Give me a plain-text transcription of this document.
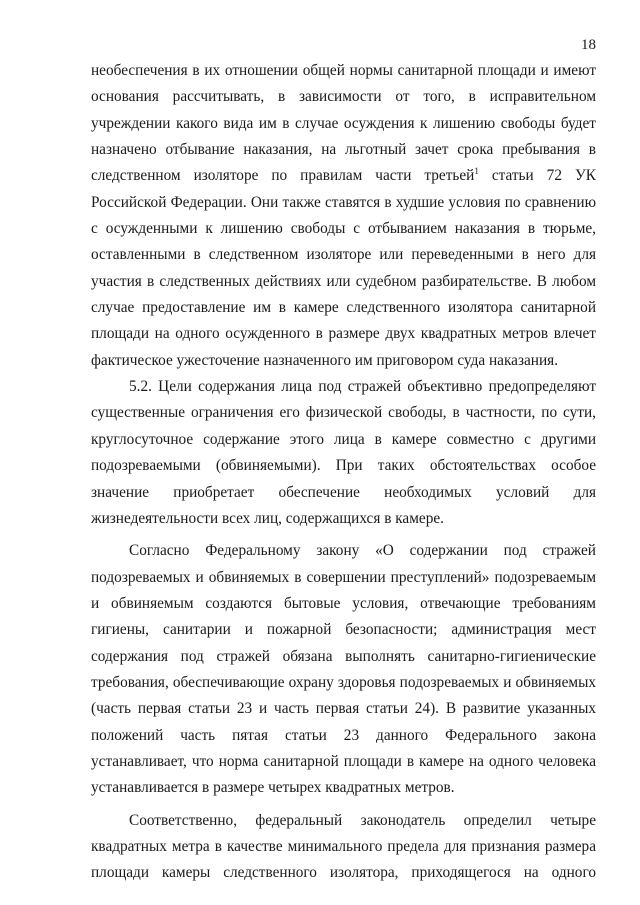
18

необеспечения в их отношении общей нормы санитарной площади и имеют основания рассчитывать, в зависимости от того, в исправительном учреждении какого вида им в случае осуждения к лишению свободы будет назначено отбывание наказания, на льготный зачет срока пребывания в следственном изоляторе по правилам части третьей$^1$ статьи 72 УК Российской Федерации. Они также ставятся в худшие условия по сравнению с осужденными к лишению свободы с отбыванием наказания в тюрьме, оставленными в следственном изоляторе или переведенными в него для участия в следственных действиях или судебном разбирательстве. В любом случае предоставление им в камере следственного изолятора санитарной площади на одного осужденного в размере двух квадратных метров влечет фактическое ужесточение назначенного им приговором суда наказания.

5.2. Цели содержания лица под стражей объективно предопределяют существенные ограничения его физической свободы, в частности, по сути, круглосуточное содержание этого лица в камере совместно с другими подозреваемыми (обвиняемыми). При таких обстоятельствах особое значение приобретает обеспечение необходимых условий для жизнедеятельности всех лиц, содержащихся в камере.

Согласно Федеральному закону «О содержании под стражей подозреваемых и обвиняемых в совершении преступлений» подозреваемым и обвиняемым создаются бытовые условия, отвечающие требованиям гигиены, санитарии и пожарной безопасности; администрация мест содержания под стражей обязана выполнять санитарно-гигиенические требования, обеспечивающие охрану здоровья подозреваемых и обвиняемых (часть первая статьи 23 и часть первая статьи 24). В развитие указанных положений часть пятая статьи 23 данного Федерального закона устанавливает, что норма санитарной площади в камере на одного человека устанавливается в размере четырех квадратных метров.

Соответственно, федеральный законодатель определил четыре квадратных метра в качестве минимального предела для признания размера площади камеры следственного изолятора, приходящегося на одного
